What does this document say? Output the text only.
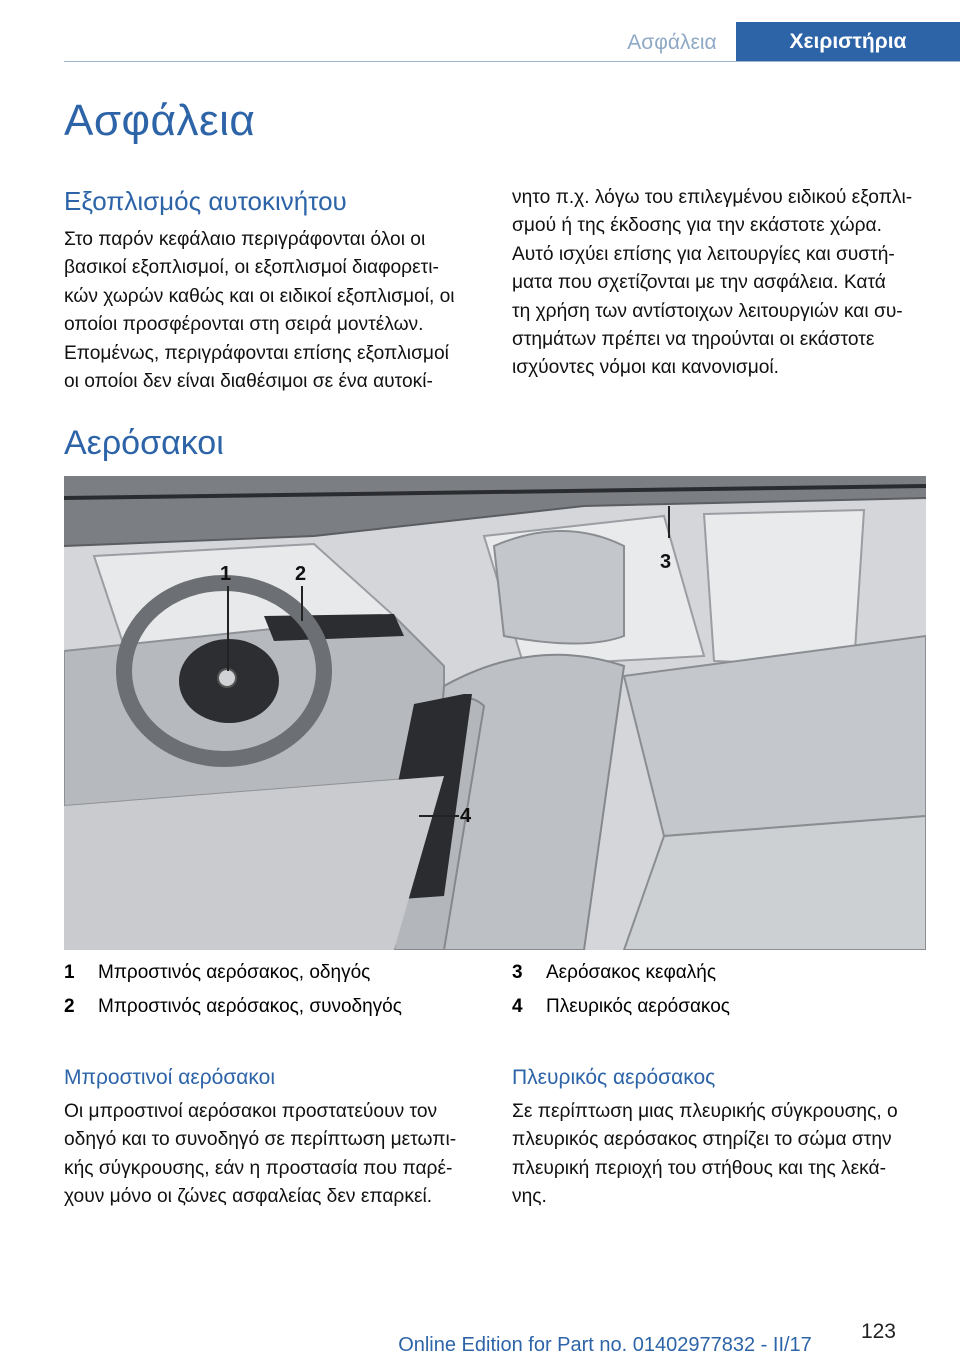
Ασφάλεια	Χειριστήρια
Ασφάλεια
Εξοπλισμός αυτοκινήτου

Στο παρόν κεφάλαιο περιγράφονται όλοι οι
βασικοί εξοπλισμοί, οι εξοπλισμοί διαφορετι-
κών χωρών καθώς και οι ειδικοί εξοπλισμοί, οι
οποίοι προσφέρονται στη σειρά μοντέλων.
Επομένως, περιγράφονται επίσης εξοπλισμοί
οι οποίοι δεν είναι διαθέσιμοι σε ένα αυτοκί-

νητο π.χ. λόγω του επιλεγμένου ειδικού εξοπλι-
σμού ή της έκδοσης για την εκάστοτε χώρα.
Αυτό ισχύει επίσης για λειτουργίες και συστή-
ματα που σχετίζονται με την ασφάλεια. Κατά
τη χρήση των αντίστοιχων λειτουργιών και συ-
στημάτων πρέπει να τηρούνται οι εκάστοτε
ισχύοντες νόμοι και κανονισμοί.

Αερόσακοι
1	2
3
4
1 Μπροστινός αερόσακος, οδηγός
2 Μπροστινός αερόσακος, συνοδηγός
3 Αερόσακος κεφαλής
4 Πλευρικός αερόσακος
Μπροστινοί αερόσακοι

Οι μπροστινοί αερόσακοι προστατεύουν τον
οδηγό και το συνοδηγό σε περίπτωση μετωπι-
κής σύγκρουσης, εάν η προστασία που παρέ-
χουν μόνο οι ζώνες ασφαλείας δεν επαρκεί.

Πλευρικός αερόσακος

Σε περίπτωση μιας πλευρικής σύγκρουσης, ο
πλευρικός αερόσακος στηρίζει το σώμα στην
πλευρική περιοχή του στήθους και της λεκά-
νης.

123
Online Edition for Part no. 01402977832 - II/17
